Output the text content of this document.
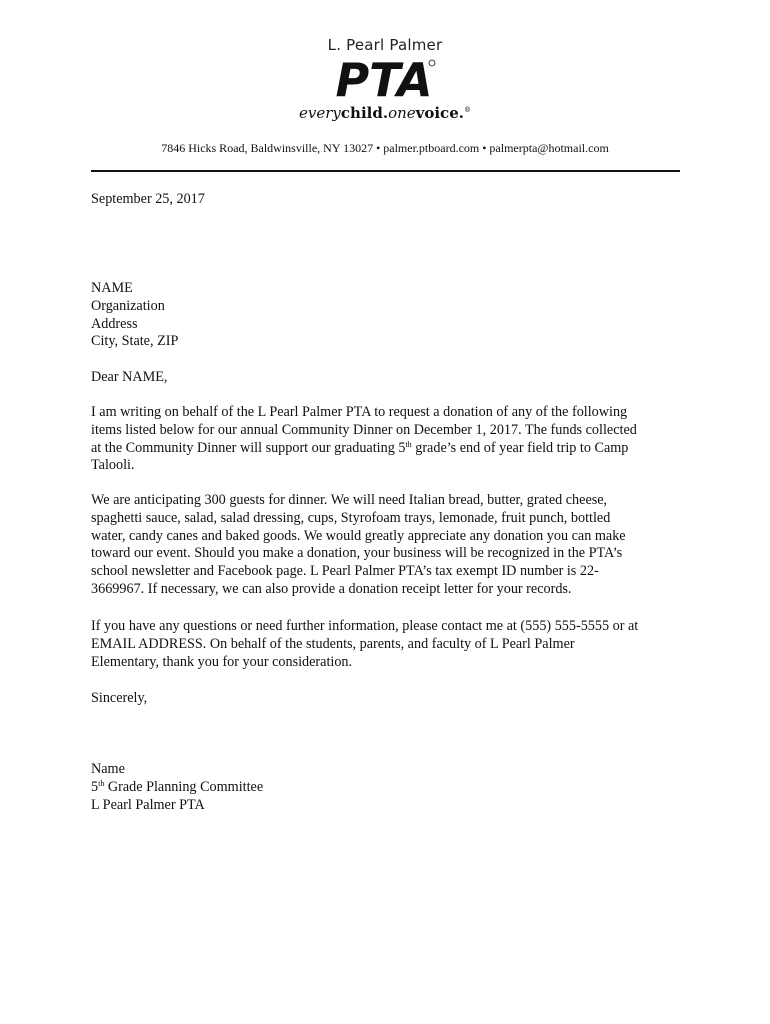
L. Pearl Palmer
PTA
everychild.onevoice.®
7846 Hicks Road, Baldwinsville, NY 13027 • palmer.ptboard.com • palmerpta@hotmail.com
September 25, 2017
NAME
Organization
Address
City, State, ZIP
Dear NAME,
I am writing on behalf of the L Pearl Palmer PTA to request a donation of any of the following
items listed below for our annual Community Dinner on December 1, 2017. The funds collected
at the Community Dinner will support our graduating 5th grade’s end of year field trip to Camp
Talooli.
We are anticipating 300 guests for dinner. We will need Italian bread, butter, grated cheese,
spaghetti sauce, salad, salad dressing, cups, Styrofoam trays, lemonade, fruit punch, bottled
water, candy canes and baked goods. We would greatly appreciate any donation you can make
toward our event. Should you make a donation, your business will be recognized in the PTA’s
school newsletter and Facebook page. L Pearl Palmer PTA’s tax exempt ID number is 22-
3669967. If necessary, we can also provide a donation receipt letter for your records.
If you have any questions or need further information, please contact me at (555) 555-5555 or at
EMAIL ADDRESS. On behalf of the students, parents, and faculty of L Pearl Palmer
Elementary, thank you for your consideration.
Sincerely,
Name
5th Grade Planning Committee
L Pearl Palmer PTA
